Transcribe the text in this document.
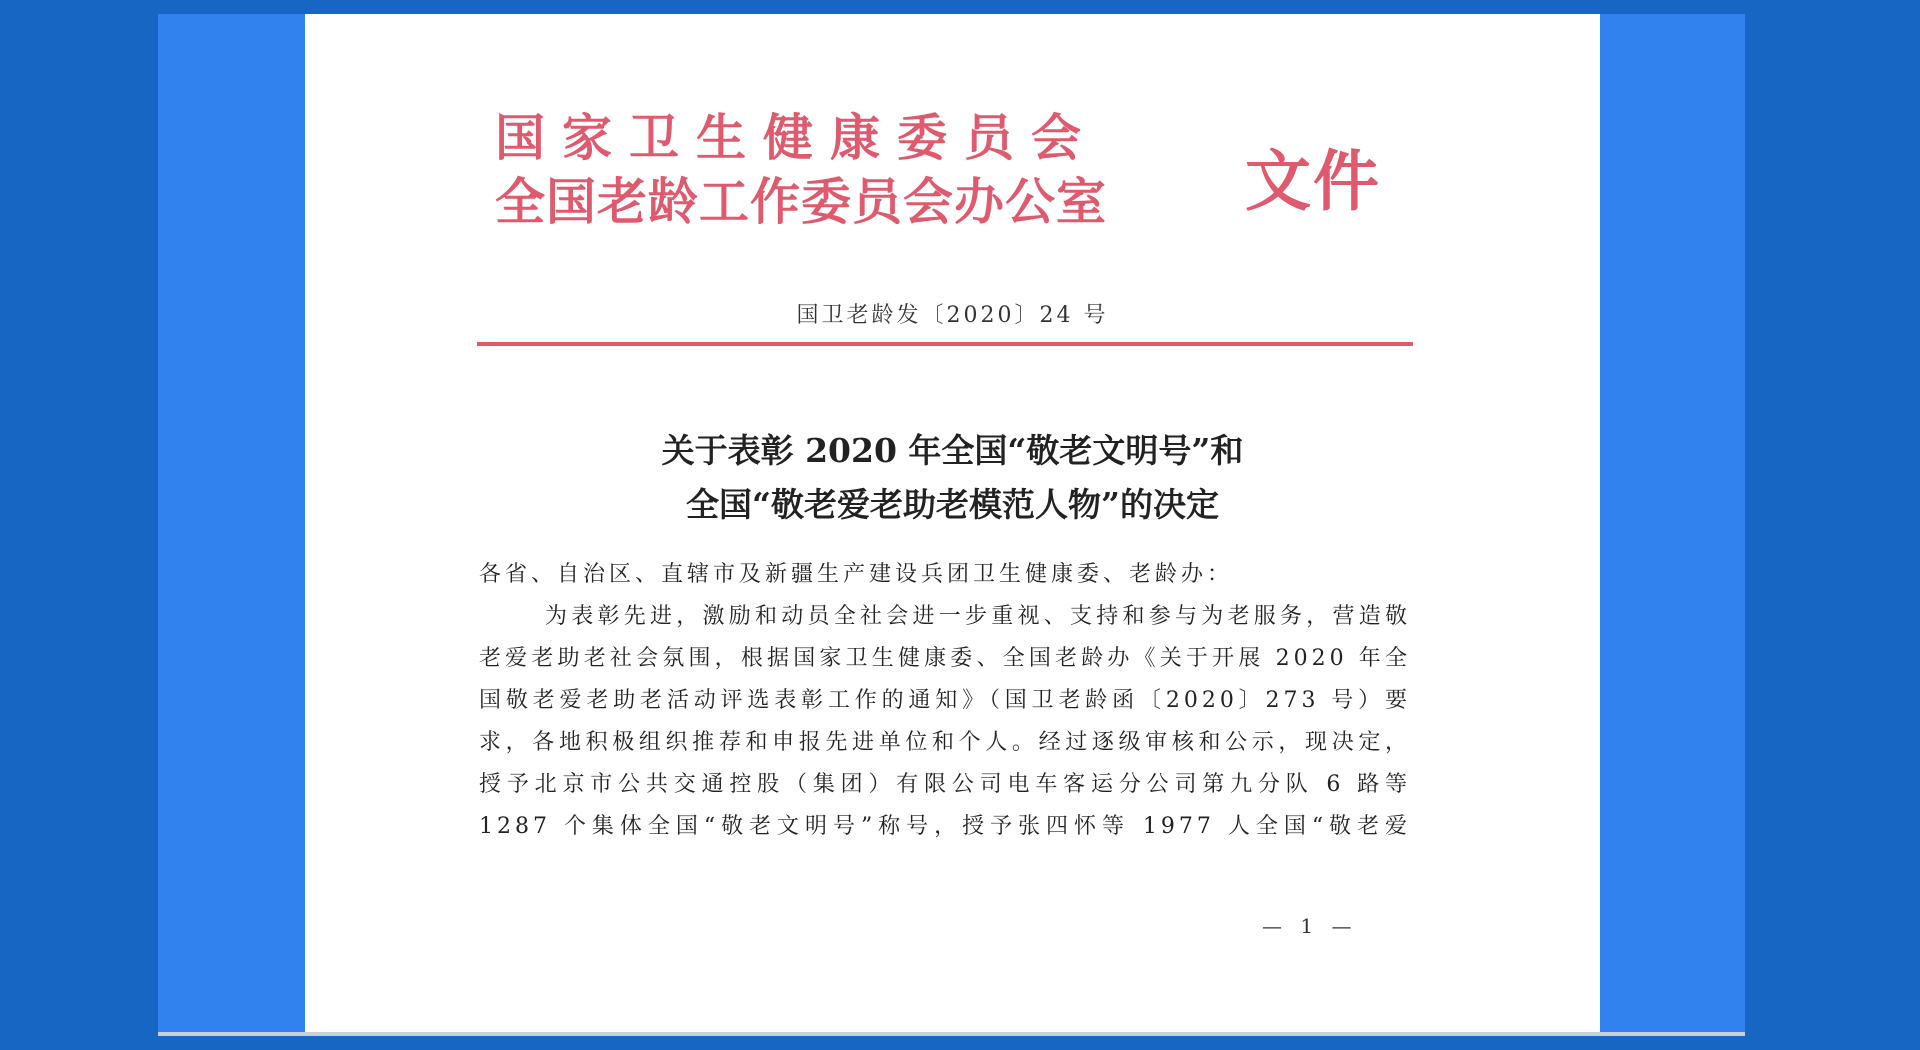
国家卫生健康委员会
全国老龄工作委员会办公室 文件
国卫老龄发〔2020〕24 号
关于表彰 2020 年全国“敬老文明号”和
全国“敬老爱老助老模范人物”的决定
各省、自治区、直辖市及新疆生产建设兵团卫生健康委、老龄办：
为表彰先进，激励和动员全社会进一步重视、支持和参与为老服务，营造敬老爱老助老社会氛围，根据国家卫生健康委、全国老龄办《关于开展 2020 年全国敬老爱老助老活动评选表彰工作的通知》（国卫老龄函〔2020〕273 号）要求，各地积极组织推荐和申报先进单位和个人。经过逐级审核和公示，现决定，授予北京市公共交通控股（集团）有限公司电车客运分公司第九分队 6 路等 1287 个集体全国“敬老文明号”称号，授予张四怀等 1977 人全国“敬老爱
— 1 —
